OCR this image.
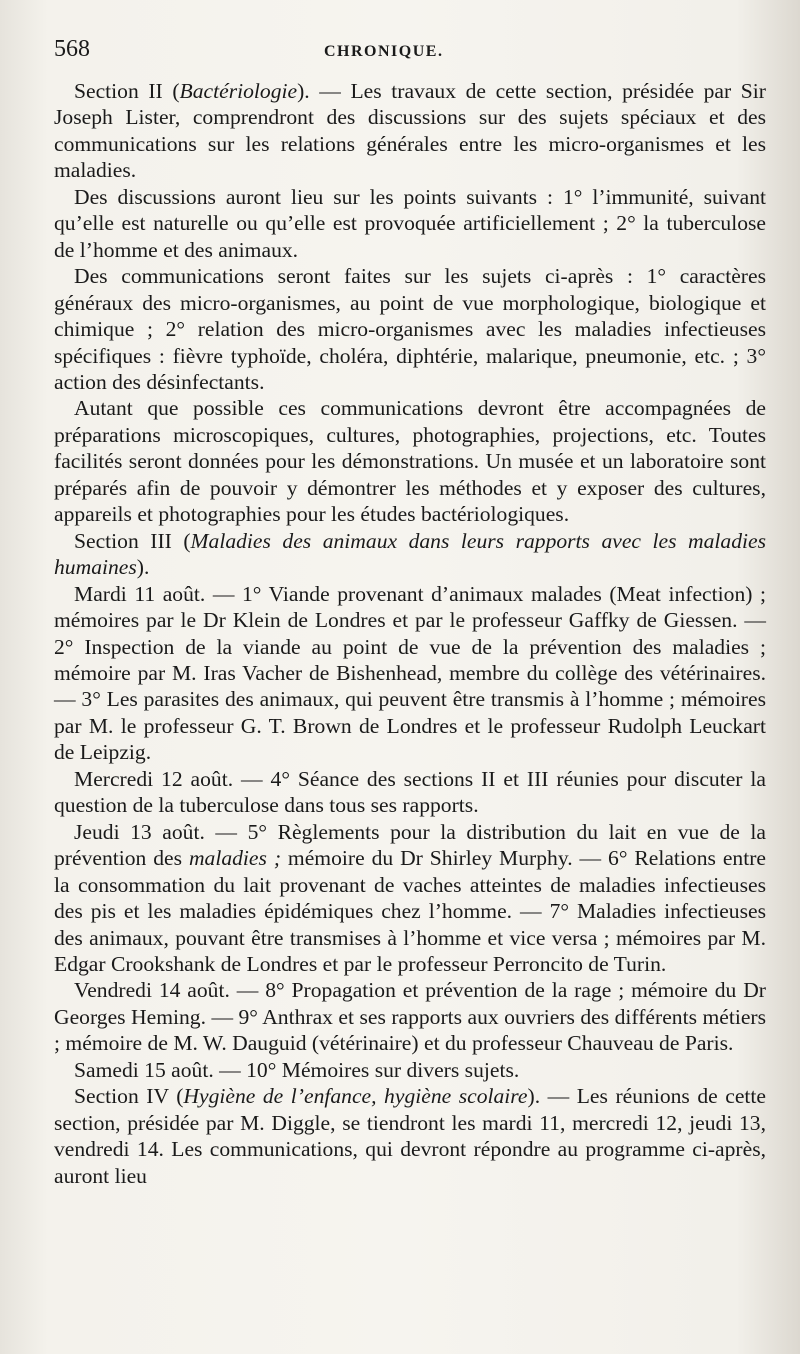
568	CHRONIQUE.

Section II (Bactériologie). — Les travaux de cette section, présidée par Sir Joseph Lister, comprendront des discussions sur des sujets spéciaux et des communications sur les relations générales entre les micro-organismes et les maladies.

Des discussions auront lieu sur les points suivants : 1° l’immunité, suivant qu’elle est naturelle ou qu’elle est provoquée artificiellement ; 2° la tuberculose de l’homme et des animaux.

Des communications seront faites sur les sujets ci-après : 1° caractères généraux des micro-organismes, au point de vue morphologique, biologique et chimique ; 2° relation des micro-organismes avec les maladies infectieuses spécifiques : fièvre typhoïde, choléra, diphtérie, malarique, pneumonie, etc. ; 3° action des désinfectants.

Autant que possible ces communications devront être accompagnées de préparations microscopiques, cultures, photographies, projections, etc. Toutes facilités seront données pour les démonstrations. Un musée et un laboratoire sont préparés afin de pouvoir y démontrer les méthodes et y exposer des cultures, appareils et photographies pour les études bactériologiques.

Section III (Maladies des animaux dans leurs rapports avec les maladies humaines).

Mardi 11 août. — 1° Viande provenant d’animaux malades (Meat infection) ; mémoires par le Dr Klein de Londres et par le professeur Gaffky de Giessen. — 2° Inspection de la viande au point de vue de la prévention des maladies ; mémoire par M. Iras Vacher de Bishenhead, membre du collège des vétérinaires. — 3° Les parasites des animaux, qui peuvent être transmis à l’homme ; mémoires par M. le professeur G. T. Brown de Londres et le professeur Rudolph Leuckart de Leipzig.

Mercredi 12 août. — 4° Séance des sections II et III réunies pour discuter la question de la tuberculose dans tous ses rapports.

Jeudi 13 août. — 5° Règlements pour la distribution du lait en vue de la prévention des maladies ; mémoire du Dr Shirley Murphy. — 6° Relations entre la consommation du lait provenant de vaches atteintes de maladies infectieuses des pis et les maladies épidémiques chez l’homme. — 7° Maladies infectieuses des animaux, pouvant être transmises à l’homme et vice versa ; mémoires par M. Edgar Crookshank de Londres et par le professeur Perroncito de Turin.

Vendredi 14 août. — 8° Propagation et prévention de la rage ; mémoire du Dr Georges Heming. — 9° Anthrax et ses rapports aux ouvriers des différents métiers ; mémoire de M. W. Dauguid (vétérinaire) et du professeur Chauveau de Paris.

Samedi 15 août. — 10° Mémoires sur divers sujets.

Section IV (Hygiène de l’enfance, hygiène scolaire). — Les réunions de cette section, présidée par M. Diggle, se tiendront les mardi 11, mercredi 12, jeudi 13, vendredi 14. Les communications, qui devront répondre au programme ci-après, auront lieu
